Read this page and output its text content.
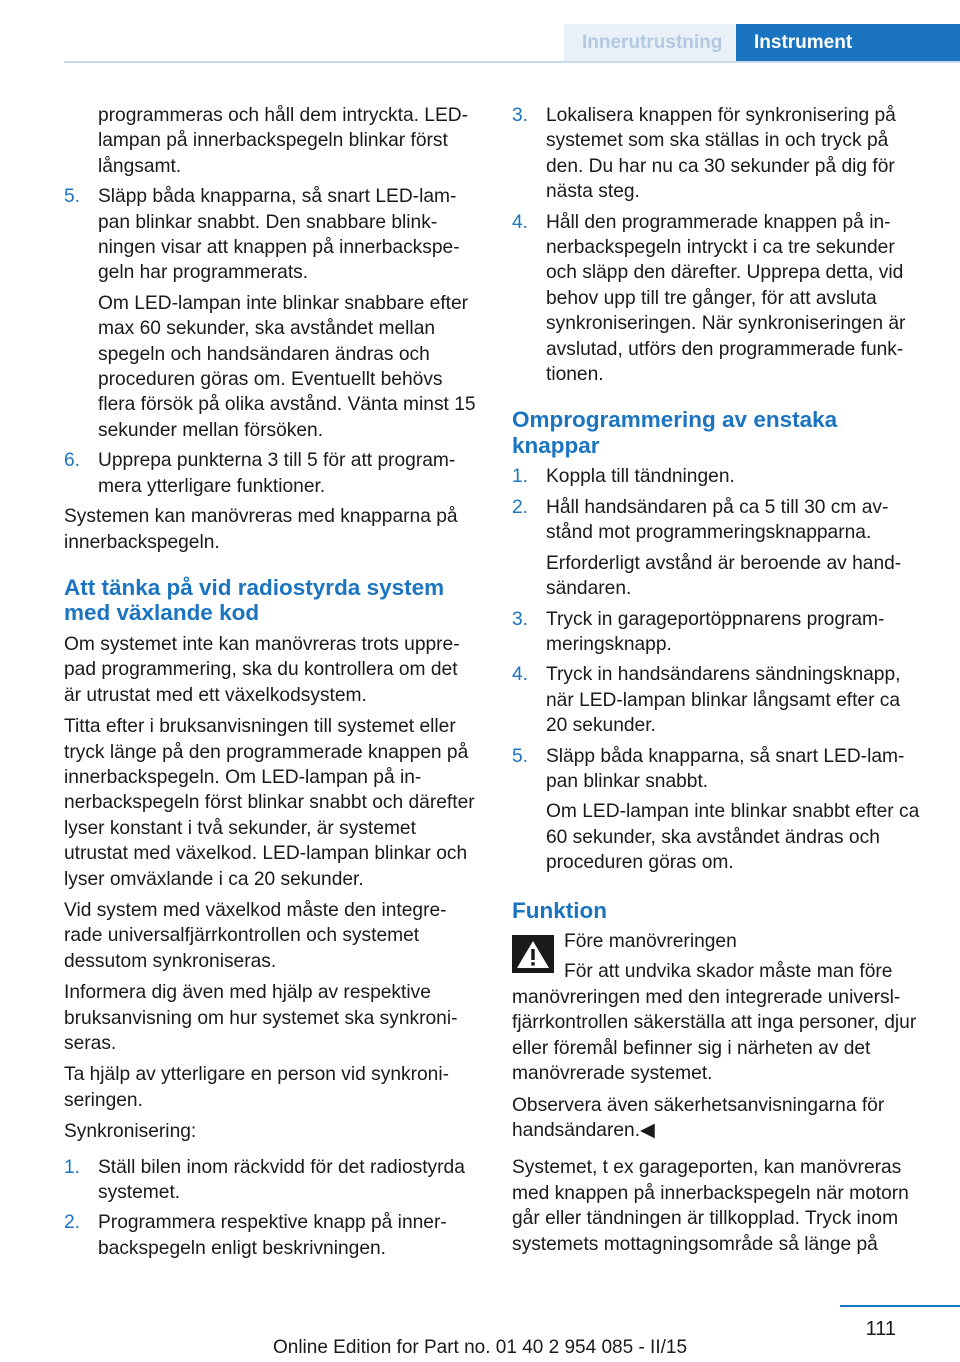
Innerutrustning	Instrument
programmeras och håll dem intryckta. LED-lampan på innerbackspegeln blinkar först långsamt.
5. Släpp båda knapparna, så snart LED-lampan blinkar snabbt. Den snabbare blinkningen visar att knappen på innerbackspegeln har programmerats.
Om LED-lampan inte blinkar snabbare efter max 60 sekunder, ska avståndet mellan spegeln och handsändaren ändras och proceduren göras om. Eventuellt behövs flera försök på olika avstånd. Vänta minst 15 sekunder mellan försöken.
6. Upprepa punkterna 3 till 5 för att programmera ytterligare funktioner.

Systemen kan manövreras med knapparna på innerbackspegeln.

Att tänka på vid radiostyrda system med växlande kod

Om systemet inte kan manövreras trots upprepad programmering, ska du kontrollera om det är utrustat med ett växelkodsystem.

Titta efter i bruksanvisningen till systemet eller tryck länge på den programmerade knappen på innerbackspegeln. Om LED-lampan på innerbackspegeln först blinkar snabbt och därefter lyser konstant i två sekunder, är systemet utrustat med växelkod. LED-lampan blinkar och lyser omväxlande i ca 20 sekunder.

Vid system med växelkod måste den integrerade universalfjärrkontrollen och systemet dessutom synkroniseras.

Informera dig även med hjälp av respektive bruksanvisning om hur systemet ska synkroniseras.

Ta hjälp av ytterligare en person vid synkroniseringen.

Synkronisering:

1. Ställ bilen inom räckvidd för det radiostyrda systemet.
2. Programmera respektive knapp på innerbackspegeln enligt beskrivningen.
3. Lokalisera knappen för synkronisering på systemet som ska ställas in och tryck på den. Du har nu ca 30 sekunder på dig för nästa steg.
4. Håll den programmerade knappen på innerbackspegeln intryckt i ca tre sekunder och släpp den därefter. Upprepa detta, vid behov upp till tre gånger, för att avsluta synkroniseringen. När synkroniseringen är avslutad, utförs den programmerade funktionen.
Omprogrammering av enstaka knappar
1. Koppla till tändningen.
2. Håll handsändaren på ca 5 till 30 cm avstånd mot programmeringsknapparna.
Erforderligt avstånd är beroende av handsändaren.
3. Tryck in garageportöppnarens programmeringsknapp.
4. Tryck in handsändarens sändningsknapp, när LED-lampan blinkar långsamt efter ca 20 sekunder.
5. Släpp båda knapparna, så snart LED-lampan blinkar snabbt.
Om LED-lampan inte blinkar snabbt efter ca 60 sekunder, ska avståndet ändras och proceduren göras om.
Funktion
Före manövreringen
För att undvika skador måste man före

manövreringen med den integrerade universlfjärrkontrollen säkerställa att inga personer, djur eller föremål befinner sig i närheten av det manövrerade systemet.

Observera även säkerhetsanvisningarna för handsändaren.◀

Systemet, t ex garageporten, kan manövreras med knappen på innerbackspegeln när motorn går eller tändningen är tillkopplad. Tryck inom systemets mottagningsområde så länge på

111
Online Edition for Part no. 01 40 2 954 085 - II/15
